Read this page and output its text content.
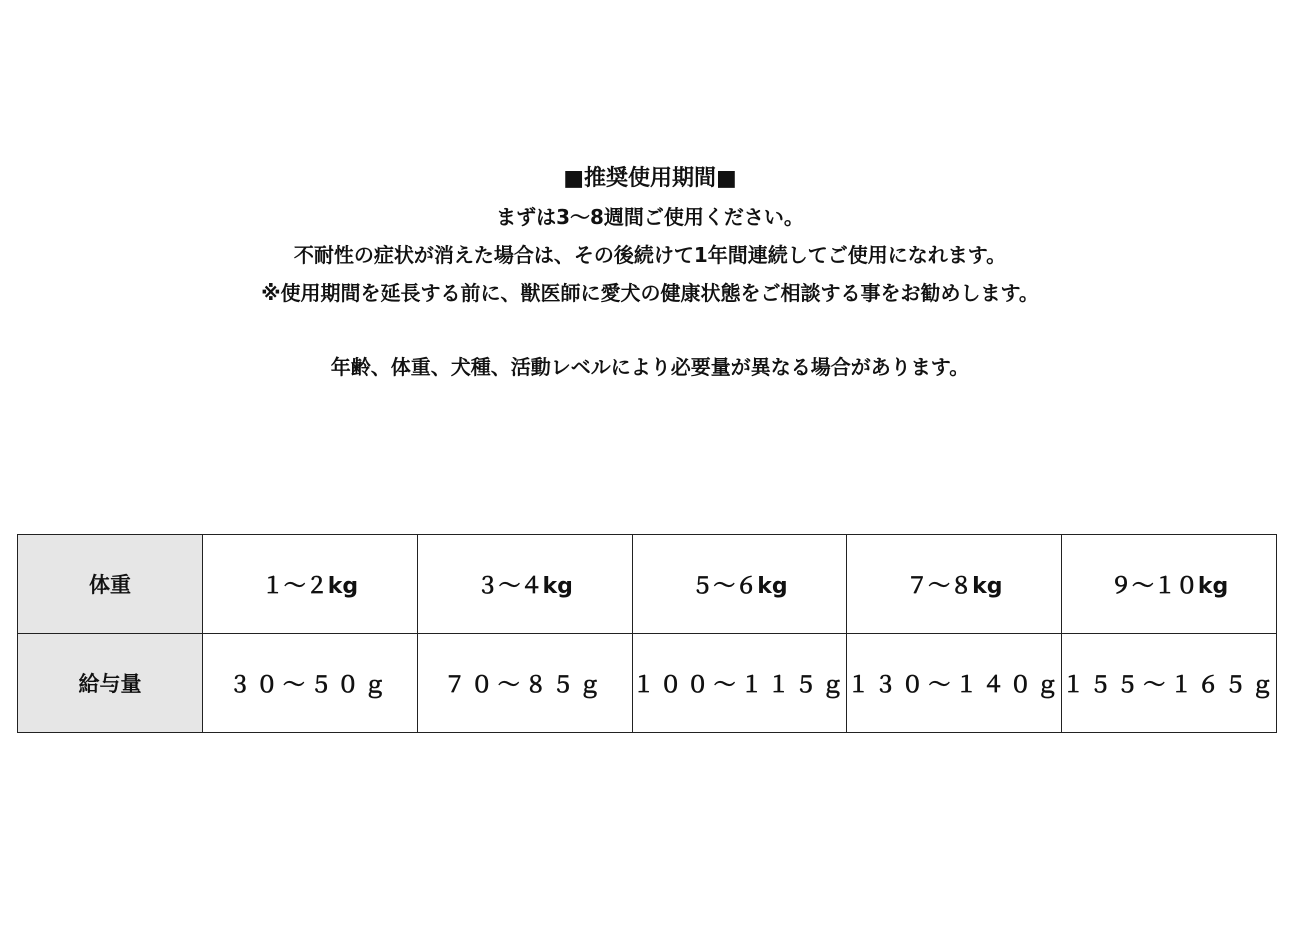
■推奨使用期間■
まずは3～8週間ご使用ください。
不耐性の症状が消えた場合は、その後続けて1年間連続してご使用になれます。
※使用期間を延長する前に、獣医師に愛犬の健康状態をご相談する事をお勧めします。
年齢、体重、犬種、活動レベルにより必要量が異なる場合があります。
体重	１～２kg	３～４kg	５～６kg	７～８kg	９～１０kg
給与量	３０～５０ｇ	７０～８５ｇ	１００～１１５ｇ	１３０～１４０ｇ	１５５～１６５ｇ
